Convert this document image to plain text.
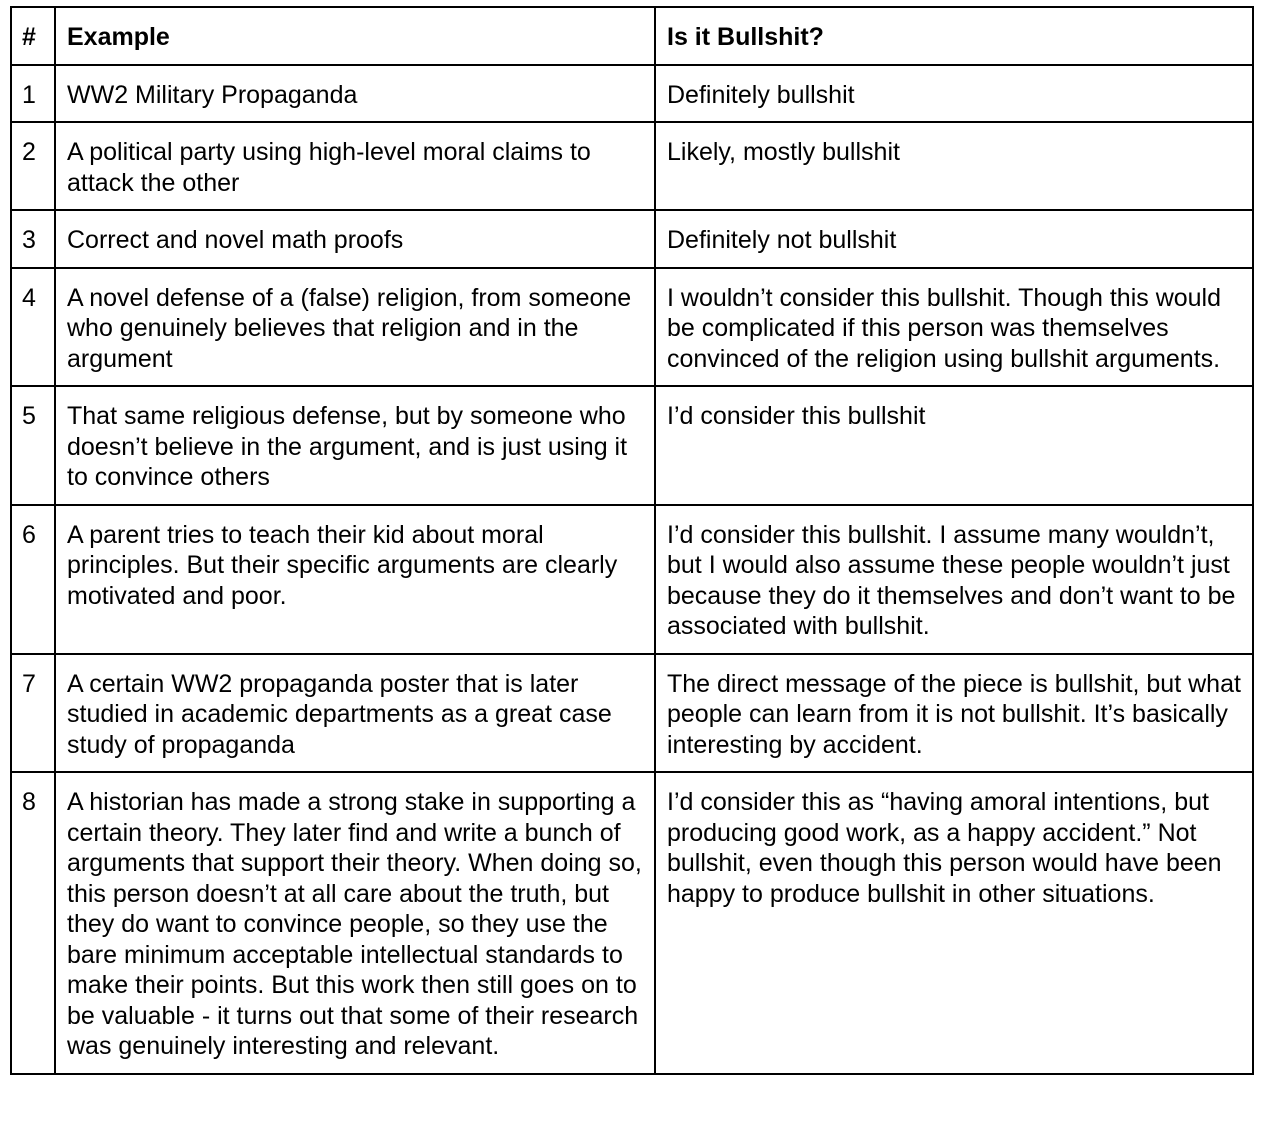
#	Example	Is it Bullshit?
1	WW2 Military Propaganda	Definitely bullshit
2	A political party using high-level moral claims to attack the other	Likely, mostly bullshit
3	Correct and novel math proofs	Definitely not bullshit
4	A novel defense of a (false) religion, from someone who genuinely believes that religion and in the argument	I wouldn’t consider this bullshit. Though this would be complicated if this person was themselves convinced of the religion using bullshit arguments.
5	That same religious defense, but by someone who doesn’t believe in the argument, and is just using it to convince others	I’d consider this bullshit
6	A parent tries to teach their kid about moral principles. But their specific arguments are clearly motivated and poor.	I’d consider this bullshit. I assume many wouldn’t, but I would also assume these people wouldn’t just because they do it themselves and don’t want to be associated with bullshit.
7	A certain WW2 propaganda poster that is later studied in academic departments as a great case study of propaganda	The direct message of the piece is bullshit, but what people can learn from it is not bullshit. It’s basically interesting by accident.
8	A historian has made a strong stake in supporting a certain theory. They later find and write a bunch of arguments that support their theory. When doing so, this person doesn’t at all care about the truth, but they do want to convince people, so they use the bare minimum acceptable intellectual standards to make their points. But this work then still goes on to be valuable - it turns out that some of their research was genuinely interesting and relevant.	I’d consider this as “having amoral intentions, but producing good work, as a happy accident.” Not bullshit, even though this person would have been happy to produce bullshit in other situations.
